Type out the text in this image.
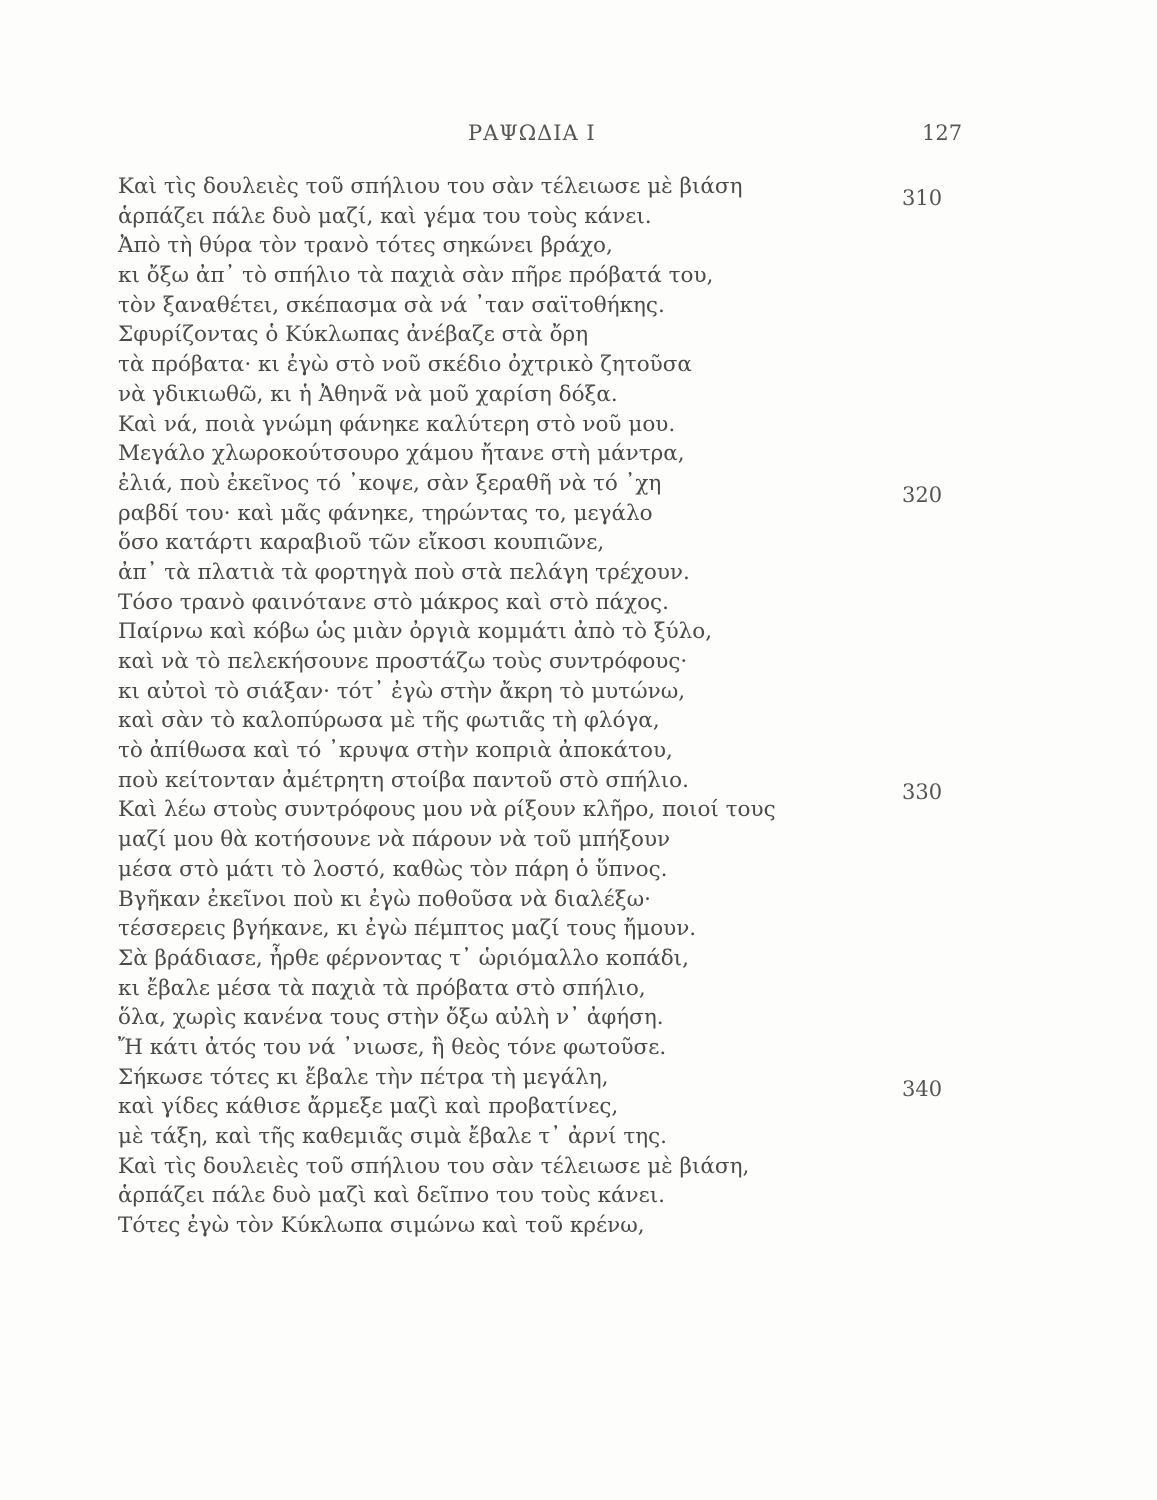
ΡΑΨΩΔΙΑ Ι	127
Καὶ τὶς δουλειὲς τοῦ σπήλιου του σὰν τέλειωσε μὲ βιάση
ἁρπάζει πάλε δυὸ μαζί, καὶ γέμα του τοὺς κάνει.
Ἀπὸ τὴ θύρα τὸν τρανὸ τότες σηκώνει βράχο,
κι ὄξω ἀπ᾽ τὸ σπήλιο τὰ παχιὰ σὰν πῆρε πρόβατά του,
τὸν ξαναθέτει, σκέπασμα σὰ νά ᾽ταν σαϊτοθήκης.
Σφυρίζοντας ὁ Κύκλωπας ἀνέβαζε στὰ ὄρη
τὰ πρόβατα· κι ἐγὼ στὸ νοῦ σκέδιο ὀχτρικὸ ζητοῦσα
νὰ γδικιωθῶ, κι ἡ Ἀθηνᾶ νὰ μοῦ χαρίση δόξα.
Καὶ νά, ποιὰ γνώμη φάνηκε καλύτερη στὸ νοῦ μου.
Μεγάλο χλωροκούτσουρο χάμου ἤτανε στὴ μάντρα,
ἐλιά, ποὺ ἐκεῖνος τό ᾽κοψε, σὰν ξεραθῆ νὰ τό ᾽χη
ραβδί του· καὶ μᾶς φάνηκε, τηρώντας το, μεγάλο
ὅσο κατάρτι καραβιοῦ τῶν εἴκοσι κουπιῶνε,
ἀπ᾽ τὰ πλατιὰ τὰ φορτηγὰ ποὺ στὰ πελάγη τρέχουν.
Τόσο τρανὸ φαινότανε στὸ μάκρος καὶ στὸ πάχος.
Παίρνω καὶ κόβω ὡς μιὰν ὀργιὰ κομμάτι ἀπὸ τὸ ξύλο,
καὶ νὰ τὸ πελεκήσουνε προστάζω τοὺς συντρόφους·
κι αὐτοὶ τὸ σιάξαν· τότ᾽ ἐγὼ στὴν ἄκρη τὸ μυτώνω,
καὶ σὰν τὸ καλοπύρωσα μὲ τῆς φωτιᾶς τὴ φλόγα,
τὸ ἀπίθωσα καὶ τό ᾽κρυψα στὴν κοπριὰ ἀποκάτου,
ποὺ κείτονταν ἀμέτρητη στοίβα παντοῦ στὸ σπήλιο.
Καὶ λέω στοὺς συντρόφους μου νὰ ρίξουν κλῆρο, ποιοί τους
μαζί μου θὰ κοτήσουνε νὰ πάρουν νὰ τοῦ μπήξουν
μέσα στὸ μάτι τὸ λοστό, καθὼς τὸν πάρη ὁ ὕπνος.
Βγῆκαν ἐκεῖνοι ποὺ κι ἐγὼ ποθοῦσα νὰ διαλέξω·
τέσσερεις βγήκανε, κι ἐγὼ πέμπτος μαζί τους ἤμουν.
Σὰ βράδιασε, ἦρθε φέρνοντας τ᾽ ὡριόμαλλο κοπάδι,
κι ἔβαλε μέσα τὰ παχιὰ τὰ πρόβατα στὸ σπήλιο,
ὅλα, χωρὶς κανένα τους στὴν ὄξω αὐλὴ ν᾽ ἀφήση.
Ἤ κάτι ἀτός του νά ᾽νιωσε, ἢ θεὸς τόνε φωτοῦσε.
Σήκωσε τότες κι ἔβαλε τὴν πέτρα τὴ μεγάλη,
καὶ γίδες κάθισε ἄρμεξε μαζὶ καὶ προβατίνες,
μὲ τάξη, καὶ τῆς καθεμιᾶς σιμὰ ἔβαλε τ᾽ ἀρνί της.
Καὶ τὶς δουλειὲς τοῦ σπήλιου του σὰν τέλειωσε μὲ βιάση,
ἁρπάζει πάλε δυὸ μαζὶ καὶ δεῖπνο του τοὺς κάνει.
Τότες ἐγὼ τὸν Κύκλωπα σιμώνω καὶ τοῦ κρένω,
310
320
330
340
